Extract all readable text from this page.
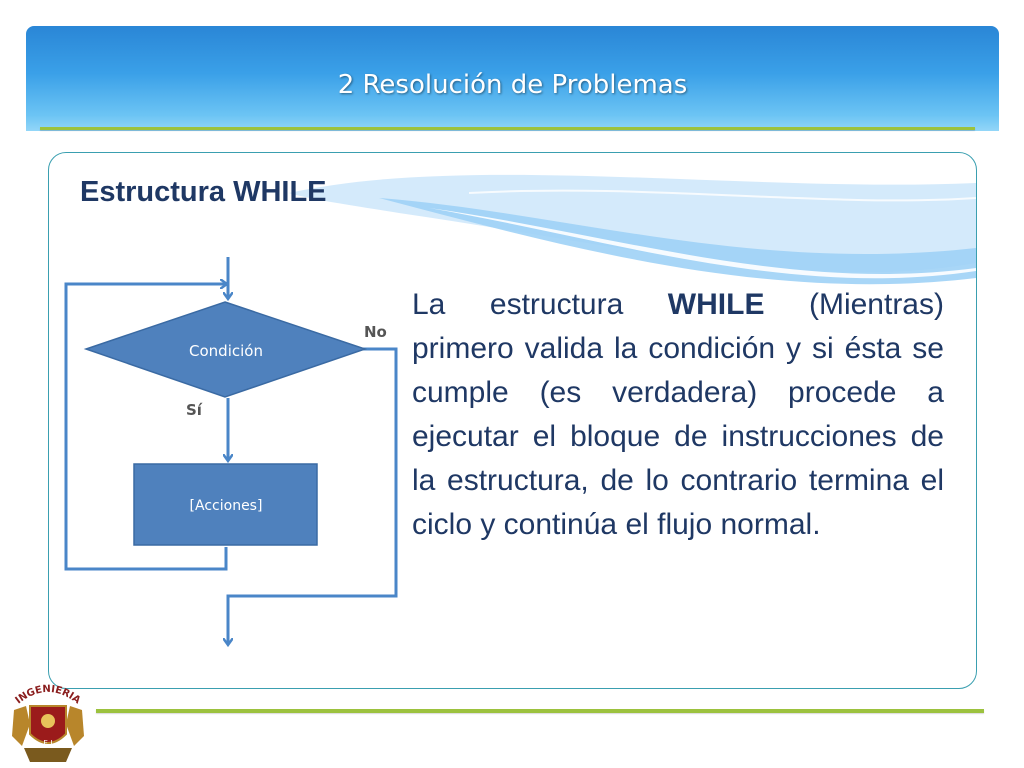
2 Resolución de Problemas
Estructura WHILE
Condición
[Acciones]
No
Sí

La estructura WHILE (Mientras) primero valida la condición y si ésta se cumple (es verdadera) procede a ejecutar el bloque de instrucciones de la estructura, de lo contrario termina el ciclo y continúa el flujo normal.

INGENIERIA
F I
